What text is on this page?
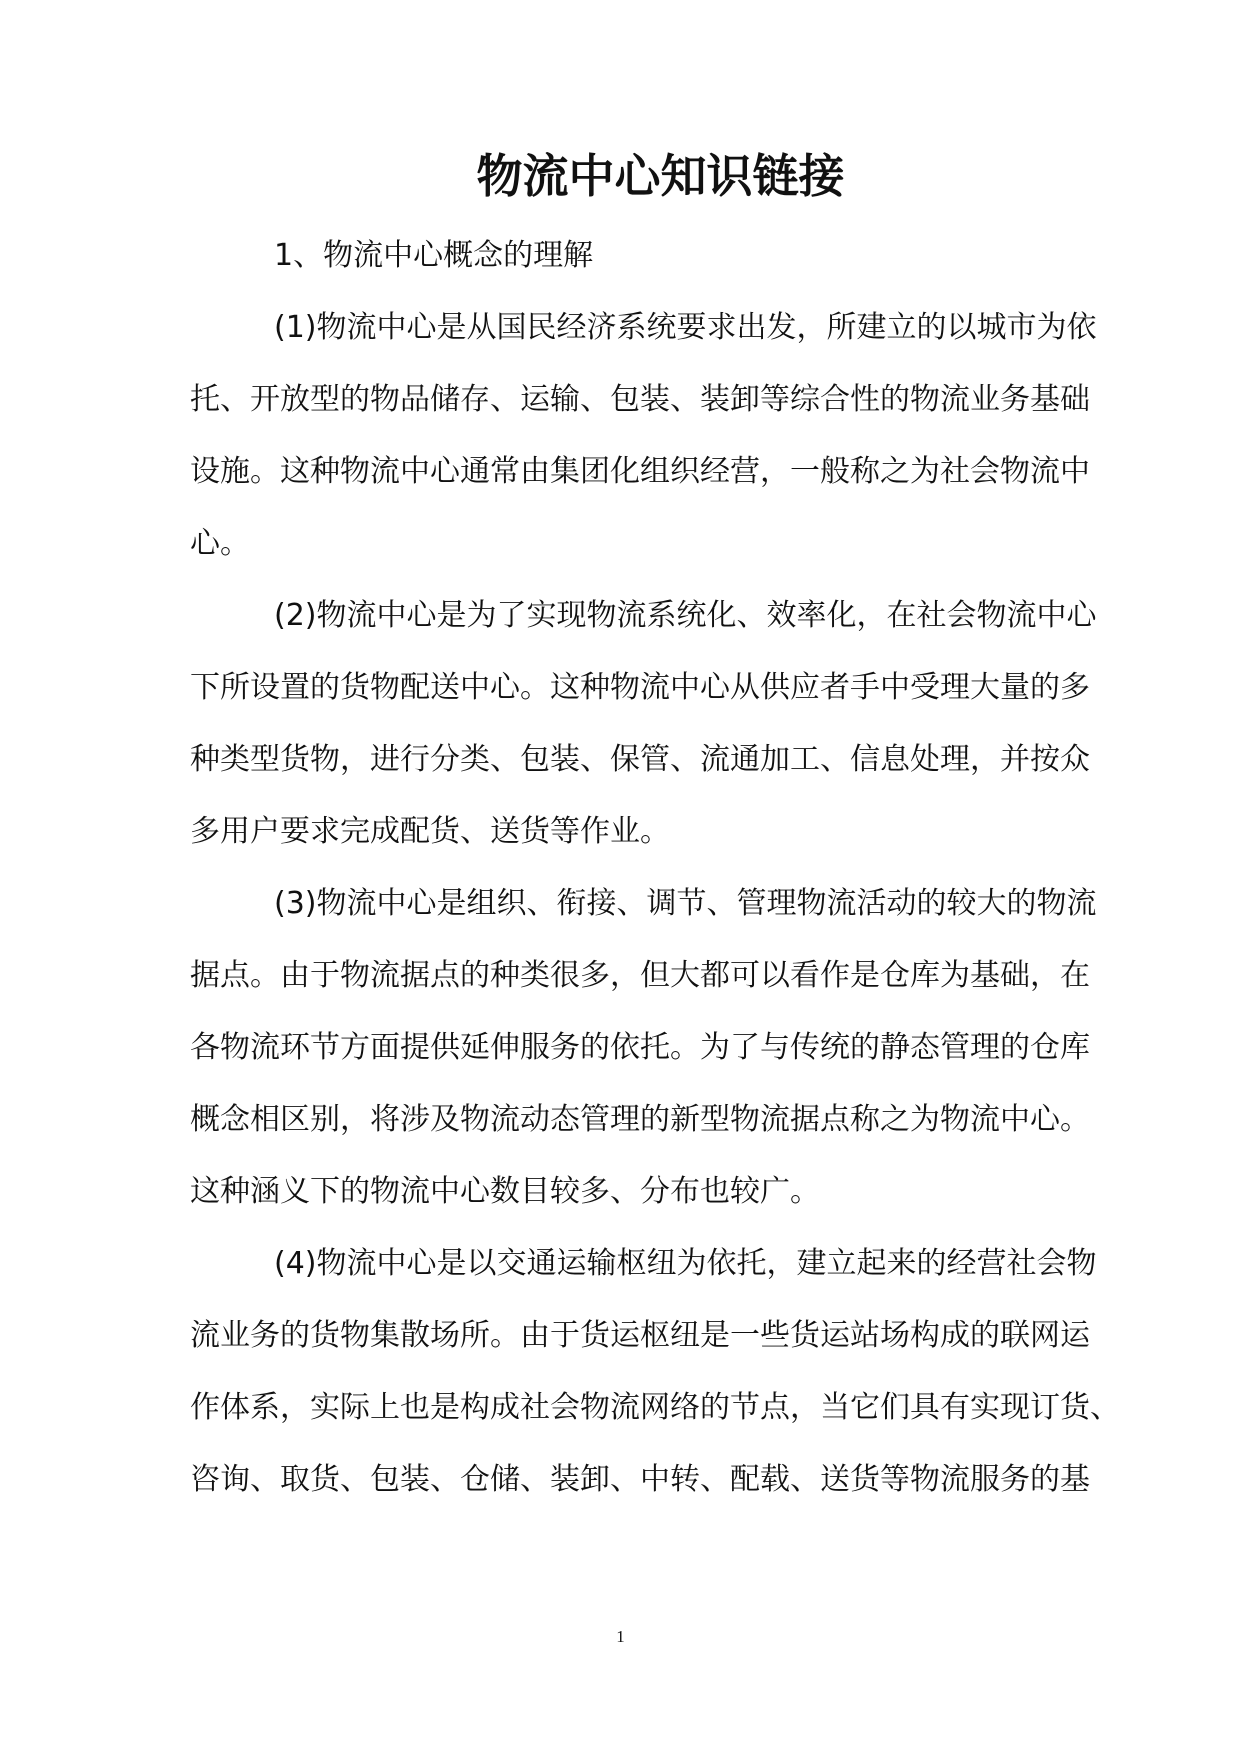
物流中心知识链接
1、物流中心概念的理解
(1)物流中心是从国民经济系统要求出发，所建立的以城市为依
托、开放型的物品储存、运输、包装、装卸等综合性的物流业务基础
设施。这种物流中心通常由集团化组织经营，一般称之为社会物流中
心。
(2)物流中心是为了实现物流系统化、效率化，在社会物流中心
下所设置的货物配送中心。这种物流中心从供应者手中受理大量的多
种类型货物，进行分类、包装、保管、流通加工、信息处理，并按众
多用户要求完成配货、送货等作业。
(3)物流中心是组织、衔接、调节、管理物流活动的较大的物流
据点。由于物流据点的种类很多，但大都可以看作是仓库为基础，在
各物流环节方面提供延伸服务的依托。为了与传统的静态管理的仓库
概念相区别，将涉及物流动态管理的新型物流据点称之为物流中心。
这种涵义下的物流中心数目较多、分布也较广。
(4)物流中心是以交通运输枢纽为依托，建立起来的经营社会物
流业务的货物集散场所。由于货运枢纽是一些货运站场构成的联网运
作体系，实际上也是构成社会物流网络的节点，当它们具有实现订货、
咨询、取货、包装、仓储、装卸、中转、配载、送货等物流服务的基
1
